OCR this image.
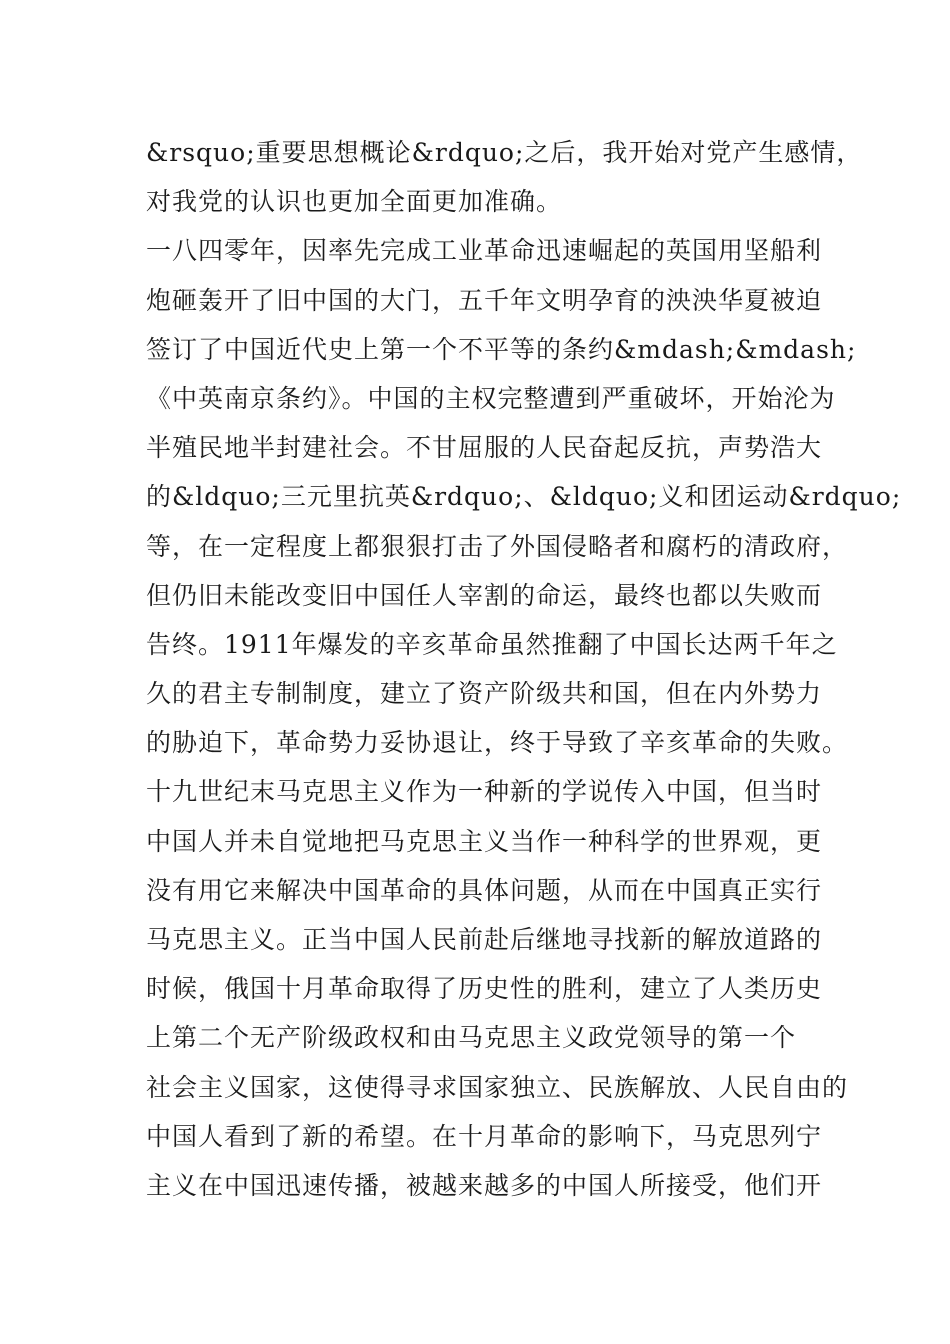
&rsquo;重要思想概论&rdquo;之后，我开始对党产生感情，
对我党的认识也更加全面更加准确。
一八四零年，因率先完成工业革命迅速崛起的英国用坚船利
炮砸轰开了旧中国的大门，五千年文明孕育的泱泱华夏被迫
签订了中国近代史上第一个不平等的条约&mdash;&mdash;
《中英南京条约》。中国的主权完整遭到严重破坏，开始沦为
半殖民地半封建社会。不甘屈服的人民奋起反抗，声势浩大
的&ldquo;三元里抗英&rdquo;、&ldquo;义和团运动&rdquo;
等，在一定程度上都狠狠打击了外国侵略者和腐朽的清政府，
但仍旧未能改变旧中国任人宰割的命运，最终也都以失败而
告终。1911年爆发的辛亥革命虽然推翻了中国长达两千年之
久的君主专制制度，建立了资产阶级共和国，但在内外势力
的胁迫下，革命势力妥协退让，终于导致了辛亥革命的失败。
十九世纪末马克思主义作为一种新的学说传入中国，但当时
中国人并未自觉地把马克思主义当作一种科学的世界观，更
没有用它来解决中国革命的具体问题，从而在中国真正实行
马克思主义。正当中国人民前赴后继地寻找新的解放道路的
时候，俄国十月革命取得了历史性的胜利，建立了人类历史
上第二个无产阶级政权和由马克思主义政党领导的第一个
社会主义国家，这使得寻求国家独立、民族解放、人民自由的
中国人看到了新的希望。在十月革命的影响下，马克思列宁
主义在中国迅速传播，被越来越多的中国人所接受，他们开
